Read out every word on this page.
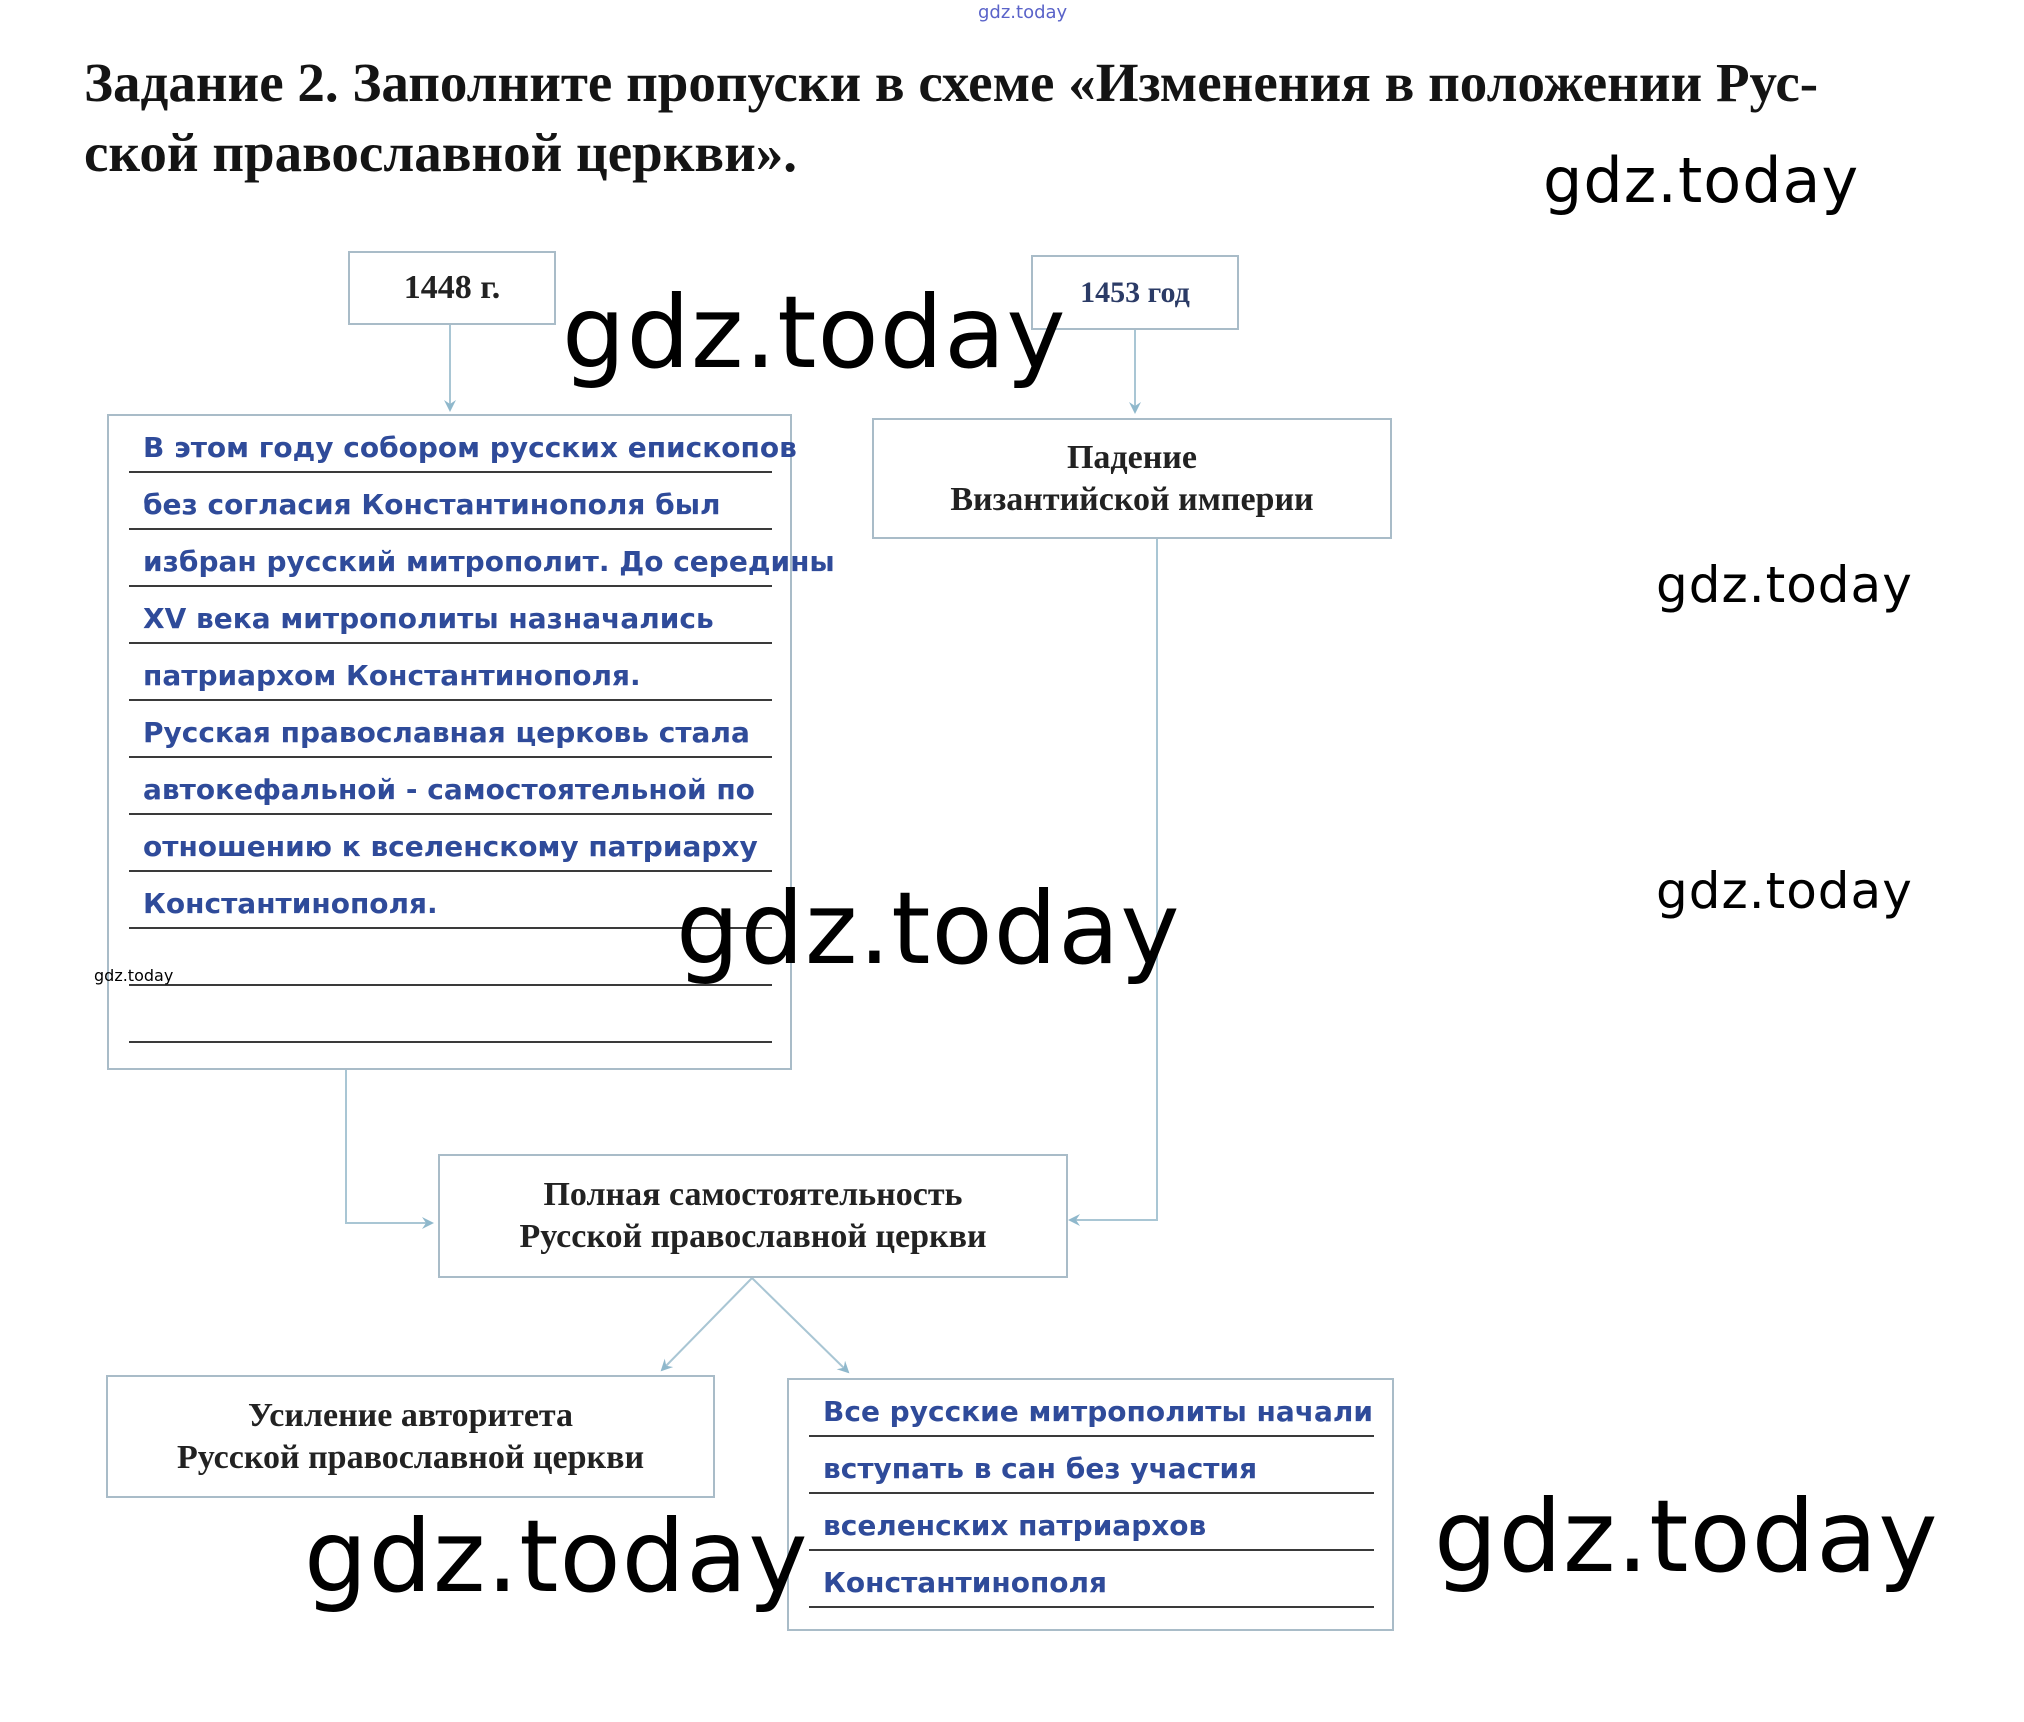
Задание 2. Заполните пропуски в схеме «Изменения в положении Рус-
ской православной церкви».
1448 г.	1453 год
В этом году собором русских епископов
без согласия Константинополя был
избран русский митрополит. До середины
XV века митрополиты назначались
патриархом Константинополя.
Русская православная церковь стала
автокефальной - самостоятельной по
отношению к вселенскому патриарху
Константинополя.
Падение
Византийской империи
Полная самостоятельность
Русской православной церкви
Усиление авторитета
Русской православной церкви
Все русские митрополиты начали
вступать в сан без участия
вселенских патриархов
Константинополя
gdz.today
gdz.today
gdz.today
gdz.today
gdz.today
gdz.today
gdz.today
gdz.today	gdz.today
